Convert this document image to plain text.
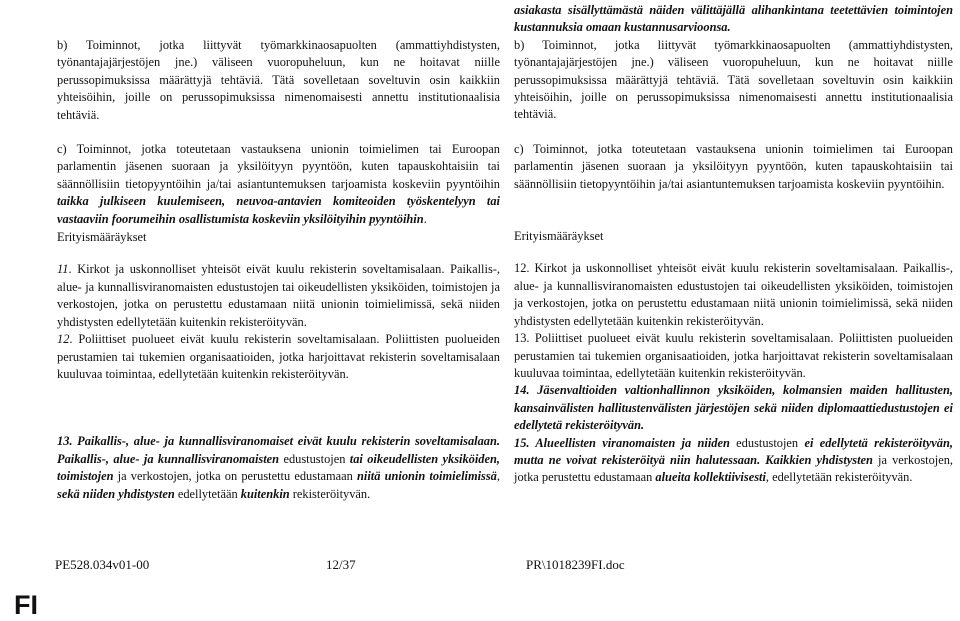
b) Toiminnot, jotka liittyvät työmarkkinaosapuolten (ammattiyhdistysten, työnantajajärjestöjen jne.) väliseen vuoropuheluun, kun ne hoitavat niille perussopimuksissa määrättyjä tehtäviä. Tätä sovelletaan soveltuvin osin kaikkiin yhteisöihin, joille on perussopimuksissa nimenomaisesti annettu institutionaalisia tehtäviä.

c) Toiminnot, jotka toteutetaan vastauksena unionin toimielimen tai Euroopan parlamentin jäsenen suoraan ja yksilöityyn pyyntöön, kuten tapauskohtaisiin tai säännöllisiin tietopyyntöihin ja/tai asiantuntemuksen tarjoamista koskeviin pyyntöihin taikka julkiseen kuulemiseen, neuvoa-antavien komiteoiden työskentelyyn tai vastaaviin foorumeihin osallistumista koskeviin yksilöityihin pyyntöihin.

Erityismääräykset

11. Kirkot ja uskonnolliset yhteisöt eivät kuulu rekisterin soveltamisalaan. Paikallis-, alue- ja kunnallisviranomaisten edustustojen tai oikeudellisten yksiköiden, toimistojen ja verkostojen, jotka on perustettu edustamaan niitä unionin toimielimissä, sekä niiden yhdistysten edellytetään kuitenkin rekisteröityvän.

12. Poliittiset puolueet eivät kuulu rekisterin soveltamisalaan. Poliittisten puolueiden perustamien tai tukemien organisaatioiden, jotka harjoittavat rekisterin soveltamisalaan kuuluvaa toimintaa, edellytetään kuitenkin rekisteröityvän.

13. Paikallis-, alue- ja kunnallisviranomaiset eivät kuulu rekisterin soveltamisalaan. Paikallis-, alue- ja kunnallisviranomaisten edustustojen tai oikeudellisten yksiköiden, toimistojen ja verkostojen, jotka on perustettu edustamaan niitä unionin toimielimissä, sekä niiden yhdistysten edellytetään kuitenkin rekisteröityvän.

asiakasta sisällyttämästä näiden välittäjällä alihankintana teetettävien toimintojen kustannuksia omaan kustannusarvioonsa.

b) Toiminnot, jotka liittyvät työmarkkinaosapuolten (ammattiyhdistysten, työnantajajärjestöjen jne.) väliseen vuoropuheluun, kun ne hoitavat niille perussopimuksissa määrättyjä tehtäviä. Tätä sovelletaan soveltuvin osin kaikkiin yhteisöihin, joille on perussopimuksissa nimenomaisesti annettu institutionaalisia tehtäviä.

c) Toiminnot, jotka toteutetaan vastauksena unionin toimielimen tai Euroopan parlamentin jäsenen suoraan ja yksilöityyn pyyntöön, kuten tapauskohtaisiin tai säännöllisiin tietopyyntöihin ja/tai asiantuntemuksen tarjoamista koskeviin pyyntöihin.

Erityismääräykset

12. Kirkot ja uskonnolliset yhteisöt eivät kuulu rekisterin soveltamisalaan. Paikallis-, alue- ja kunnallisviranomaisten edustustojen tai oikeudellisten yksiköiden, toimistojen ja verkostojen, jotka on perustettu edustamaan niitä unionin toimielimissä, sekä niiden yhdistysten edellytetään kuitenkin rekisteröityvän.

13. Poliittiset puolueet eivät kuulu rekisterin soveltamisalaan. Poliittisten puolueiden perustamien tai tukemien organisaatioiden, jotka harjoittavat rekisterin soveltamisalaan kuuluvaa toimintaa, edellytetään kuitenkin rekisteröityvän.

14. Jäsenvaltioiden valtionhallinnon yksiköiden, kolmansien maiden hallitusten, kansainvälisten hallitustenvälisten järjestöjen sekä niiden diplomaattiedustustojen ei edellytetä rekisteröityvän.

15. Alueellisten viranomaisten ja niiden edustustojen ei edellytetä rekisteröityvän, mutta ne voivat rekisteröityä niin halutessaan. Kaikkien yhdistysten ja verkostojen, jotka perustettu edustamaan alueita kollektiivisesti, edellytetään rekisteröityvän.

PE528.034v01-00	12/37	PR\1018239FI.doc
FI
